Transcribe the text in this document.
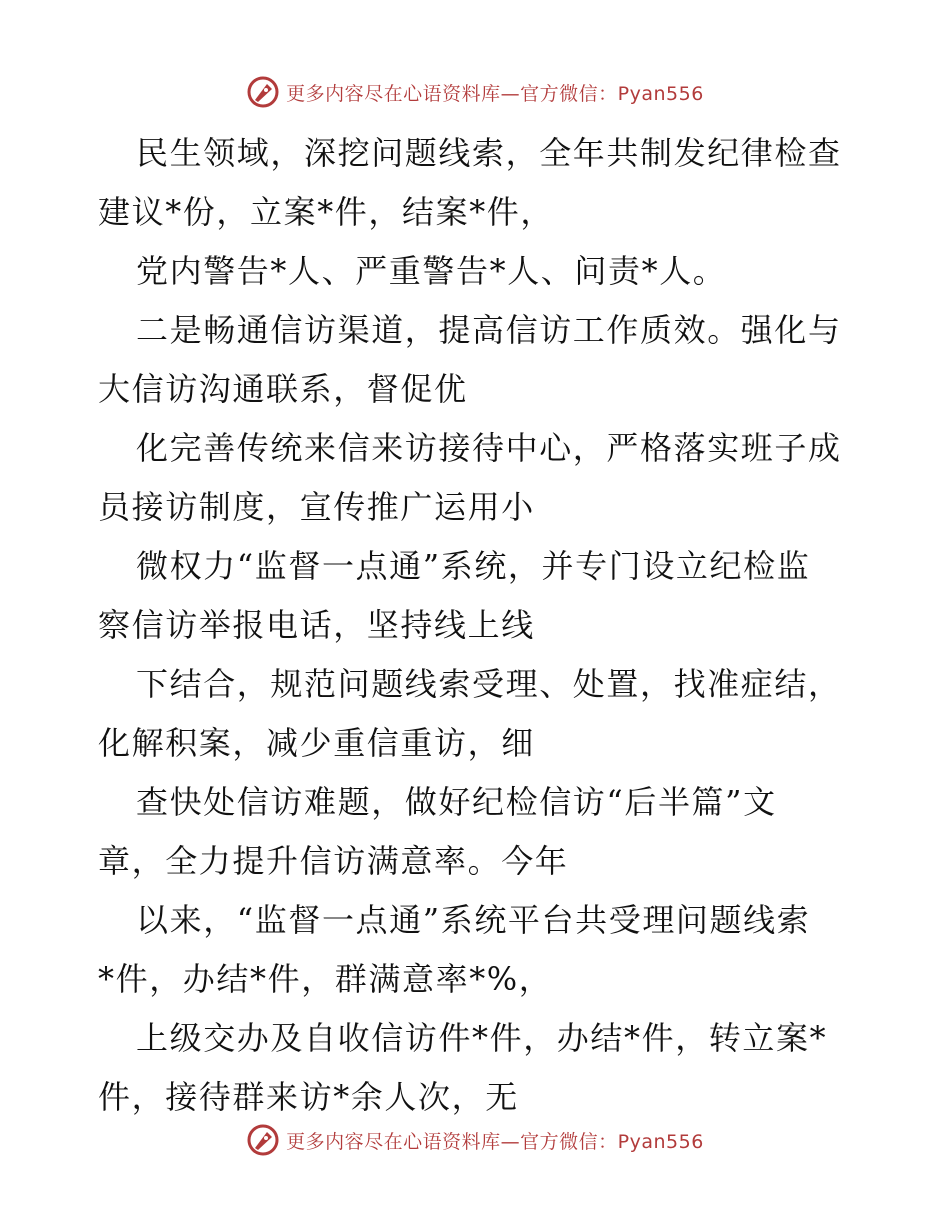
更多内容尽在心语资料库—官方微信：Pyan556
民生领域，深挖问题线索，全年共制发纪律检查
建议*份，立案*件，结案*件，
党内警告*人、严重警告*人、问责*人。
二是畅通信访渠道，提高信访工作质效。强化与
大信访沟通联系，督促优
化完善传统来信来访接待中心，严格落实班子成
员接访制度，宣传推广运用小
微权力“监督一点通”系统，并专门设立纪检监
察信访举报电话，坚持线上线
下结合，规范问题线索受理、处置，找准症结，
化解积案，减少重信重访，细
查快处信访难题，做好纪检信访“后半篇”文
章，全力提升信访满意率。今年
以来，“监督一点通”系统平台共受理问题线索
*件，办结*件，群满意率*%，
上级交办及自收信访件*件，办结*件，转立案*
件，接待群来访*余人次，无
更多内容尽在心语资料库—官方微信：Pyan556
